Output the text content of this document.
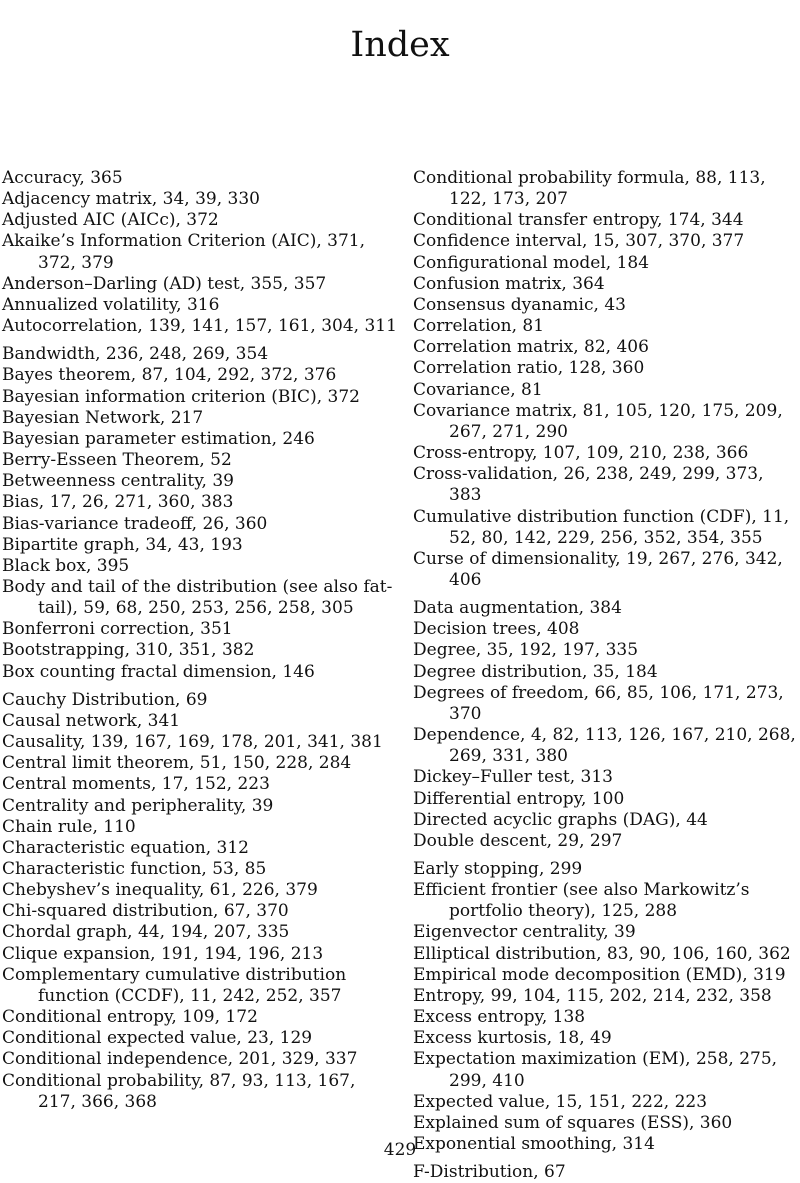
Index
Accuracy, 365
Adjacency matrix, 34, 39, 330
Adjusted AIC (AICc), 372
Akaike’s Information Criterion (AIC), 371, 372, 379
Anderson–Darling (AD) test, 355, 357
Annualized volatility, 316
Autocorrelation, 139, 141, 157, 161, 304, 311
Bandwidth, 236, 248, 269, 354
Bayes theorem, 87, 104, 292, 372, 376
Bayesian information criterion (BIC), 372
Bayesian Network, 217
Bayesian parameter estimation, 246
Berry-Esseen Theorem, 52
Betweenness centrality, 39
Bias, 17, 26, 271, 360, 383
Bias-variance tradeoff, 26, 360
Bipartite graph, 34, 43, 193
Black box, 395
Body and tail of the distribution (see also fat-tail), 59, 68, 250, 253, 256, 258, 305
Bonferroni correction, 351
Bootstrapping, 310, 351, 382
Box counting fractal dimension, 146
Cauchy Distribution, 69
Causal network, 341
Causality, 139, 167, 169, 178, 201, 341, 381
Central limit theorem, 51, 150, 228, 284
Central moments, 17, 152, 223
Centrality and peripherality, 39
Chain rule, 110
Characteristic equation, 312
Characteristic function, 53, 85
Chebyshev’s inequality, 61, 226, 379
Chi-squared distribution, 67, 370
Chordal graph, 44, 194, 207, 335
Clique expansion, 191, 194, 196, 213
Complementary cumulative distribution function (CCDF), 11, 242, 252, 357
Conditional entropy, 109, 172
Conditional expected value, 23, 129
Conditional independence, 201, 329, 337
Conditional probability, 87, 93, 113, 167, 217, 366, 368
Conditional probability formula, 88, 113, 122, 173, 207
Conditional transfer entropy, 174, 344
Confidence interval, 15, 307, 370, 377
Configurational model, 184
Confusion matrix, 364
Consensus dyanamic, 43
Correlation, 81
Correlation matrix, 82, 406
Correlation ratio, 128, 360
Covariance, 81
Covariance matrix, 81, 105, 120, 175, 209, 267, 271, 290
Cross-entropy, 107, 109, 210, 238, 366
Cross-validation, 26, 238, 249, 299, 373, 383
Cumulative distribution function (CDF), 11, 52, 80, 142, 229, 256, 352, 354, 355
Curse of dimensionality, 19, 267, 276, 342, 406
Data augmentation, 384
Decision trees, 408
Degree, 35, 192, 197, 335
Degree distribution, 35, 184
Degrees of freedom, 66, 85, 106, 171, 273, 370
Dependence, 4, 82, 113, 126, 167, 210, 268, 269, 331, 380
Dickey–Fuller test, 313
Differential entropy, 100
Directed acyclic graphs (DAG), 44
Double descent, 29, 297
Early stopping, 299
Efficient frontier (see also Markowitz’s portfolio theory), 125, 288
Eigenvector centrality, 39
Elliptical distribution, 83, 90, 106, 160, 362
Empirical mode decomposition (EMD), 319
Entropy, 99, 104, 115, 202, 214, 232, 358
Excess entropy, 138
Excess kurtosis, 18, 49
Expectation maximization (EM), 258, 275, 299, 410
Expected value, 15, 151, 222, 223
Explained sum of squares (ESS), 360
Exponential smoothing, 314
F-Distribution, 67
429
